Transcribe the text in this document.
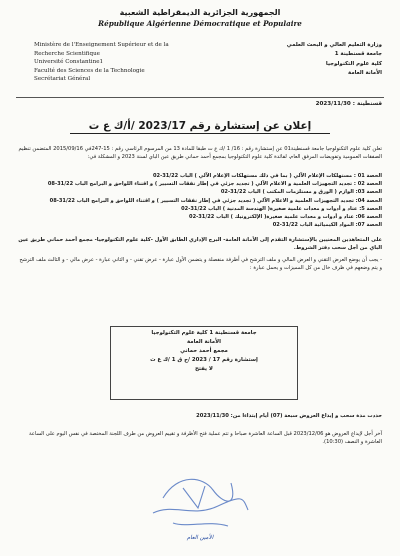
الجمهورية الجزائرية الديمقراطية الشعبية
République Algérienne Démocratique et Populaire
Ministère de l'Enseignement Supérieur et de la
Recherche Scientifique
Université Constantine1
Faculté des Sciences de la Technologie
Secrétariat Général
وزارة التعليم العالي و البحث العلمي
جامعة قسنطينة 1
كلية علوم التكنولوجيا
الأمانة العامة
قسنطينة : 2023/11/30
إعلان عن إستشارة رقم 2023/17 /أ/ك ع ت
تعلن كلية علوم التكنولوجيا جامعة قسنطينة01 عن إستشارة رقم : 16/ 1 /ك ع ت طبقا للمادة 13 من المرسوم الرئاسي رقم : 15-247في 2015/09/16 المتضمن تنظيم الصفقات العمومية وتفويضات المرفق العام، لفائدة كلية علوم التكنولوجيا بمجمع أحمد حماني طريق عين الباي لسنة 2023 و المشكلة في:
الحصة 01 : مستهلكات الإعلام الآلي ( بما في ذلك مستهلكات الإعلام الآلي ) الباب 31/22-02
الحصة 02 : تجديد التجهيزات العلمية و الاعلام الآلي ( تجديد جزئي في إطار نفقات التسيير ) و اقتناء اللواحق و البرامج الباب 31/22-08
الحصة 03: الوازم ( الورق و مستلزمات المكتب ) الباب 31/22-02
الحصة 04: تجديد التجهيزات العلمية و الاعلام الآلي ( تجديد جزئي في إطار نفقات التسيير ) و اقتناء اللواحق و البرامج الباب 31/22-08
الحصة 5: عتاد و أدوات و معدات علمية صغيرة( الهندسة المدنية ) الباب 31/22-02
الحصة 06: عتاد و أدوات و معدات علمية صغيرة( الإلكترونيك ) الباب 31/22-02
الحصة 07: المواد الكيميائية الباب 31/22-02
على المتعاهدين المعنيين بالإستشارة التقدم إلى الأمانة العامة- البرج الإداري الطابق الأول -كلية علوم التكنولوجيا- مجمع أحمد حماني طريق عين الباي من أجل سحب دفتر الشروط.
- يجب أن يوضع العرض التقني و العرض المالي و ملف الترشح في أظرفة منفصلة و يتضمن الأول عبارة - عرض تقني - و الثاني عبارة - عرض مالي - و الثالث ملف الترشح و يتم وضعهم في ظرف خال من كل المميزات و يحمل عبارة :
جامعة قسنطينة 1 كلية علوم التكنولوجيا
الأمانة العامة
مجمع أحمد حماني
إستشارة رقم 17 / 2023 /ج ق 1 /ك ع ت
لا يفتح
حددت مدة سحب و إيداع العروض سبعة (07) أيام إبتداءا من: 2023/11/30
آخر أجل لإيداع العروض هو 2023/12/06 قبل الساعة العاشرة صباحا و تتم عملية فتح الأظرفة و تقييم العروض من طرف اللجنة المختصة في نفس اليوم على الساعة العاشرة و النصف (10:30).
الأمين العام
